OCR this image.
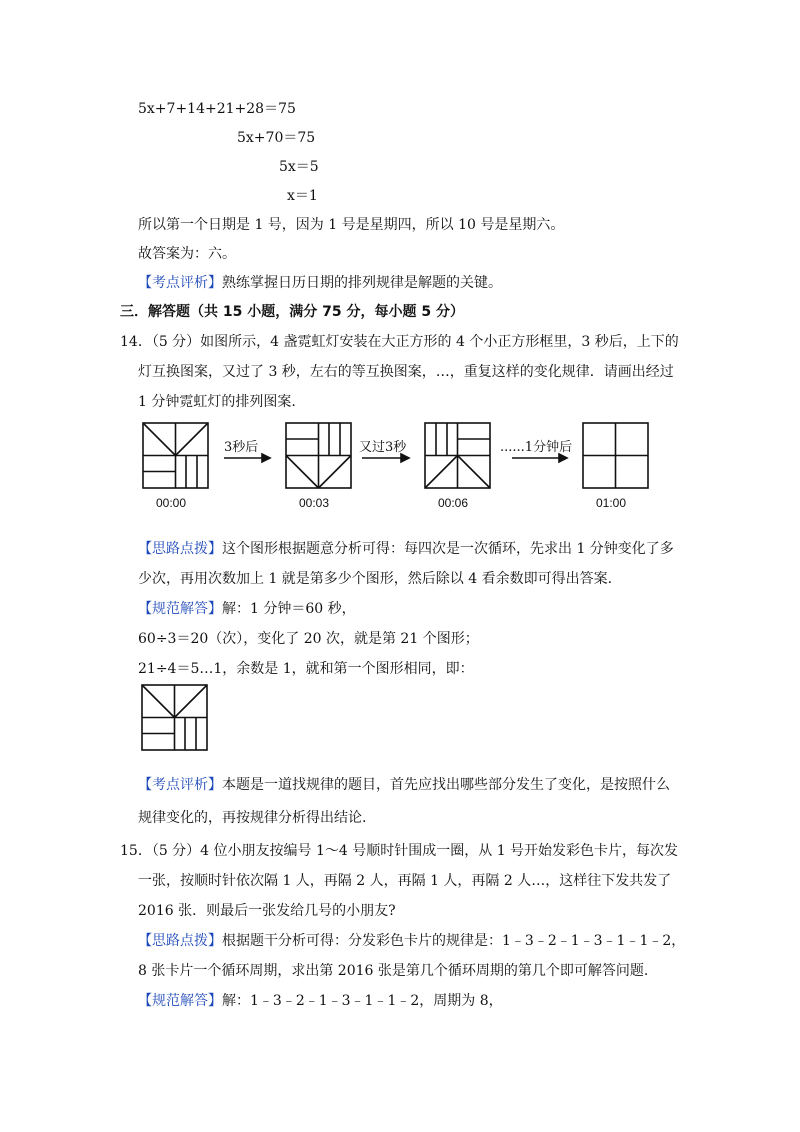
5x+7+14+21+28＝75
5x+70＝75
5x＝5
x＝1
所以第一个日期是 1 号，因为 1 号是星期四，所以 10 号是星期六。
故答案为：六。
【考点评析】熟练掌握日历日期的排列规律是解题的关键。
三．解答题（共 15 小题，满分 75 分，每小题 5 分）
14．（5 分）如图所示，4 盏霓虹灯安装在大正方形的 4 个小正方形框里，3 秒后，上下的
灯互换图案，又过了 3 秒，左右的等互换图案，…，重复这样的变化规律．请画出经过
1 分钟霓虹灯的排列图案.
3秒后	又过3秒	......1分钟后
00:00	00:03	00:06	01:00
【思路点拨】这个图形根据题意分析可得：每四次是一次循环，先求出 1 分钟变化了多
少次，再用次数加上 1 就是第多少个图形，然后除以 4 看余数即可得出答案.
【规范解答】解：1 分钟＝60 秒，
60÷3＝20（次），变化了 20 次，就是第 21 个图形；
21÷4＝5…1，余数是 1，就和第一个图形相同，即：
【考点评析】本题是一道找规律的题目，首先应找出哪些部分发生了变化，是按照什么
规律变化的，再按规律分析得出结论.
15．（5 分）4 位小朋友按编号 1～4 号顺时针围成一圈，从 1 号开始发彩色卡片，每次发
一张，按顺时针依次隔 1 人，再隔 2 人，再隔 1 人，再隔 2 人…，这样往下发共发了
2016 张．则最后一张发给几号的小朋友?
【思路点拨】根据题干分析可得：分发彩色卡片的规律是：1﹣3﹣2﹣1﹣3﹣1﹣1﹣2，
8 张卡片一个循环周期，求出第 2016 张是第几个循环周期的第几个即可解答问题.
【规范解答】解：1﹣3﹣2﹣1﹣3﹣1﹣1﹣2，周期为 8，
